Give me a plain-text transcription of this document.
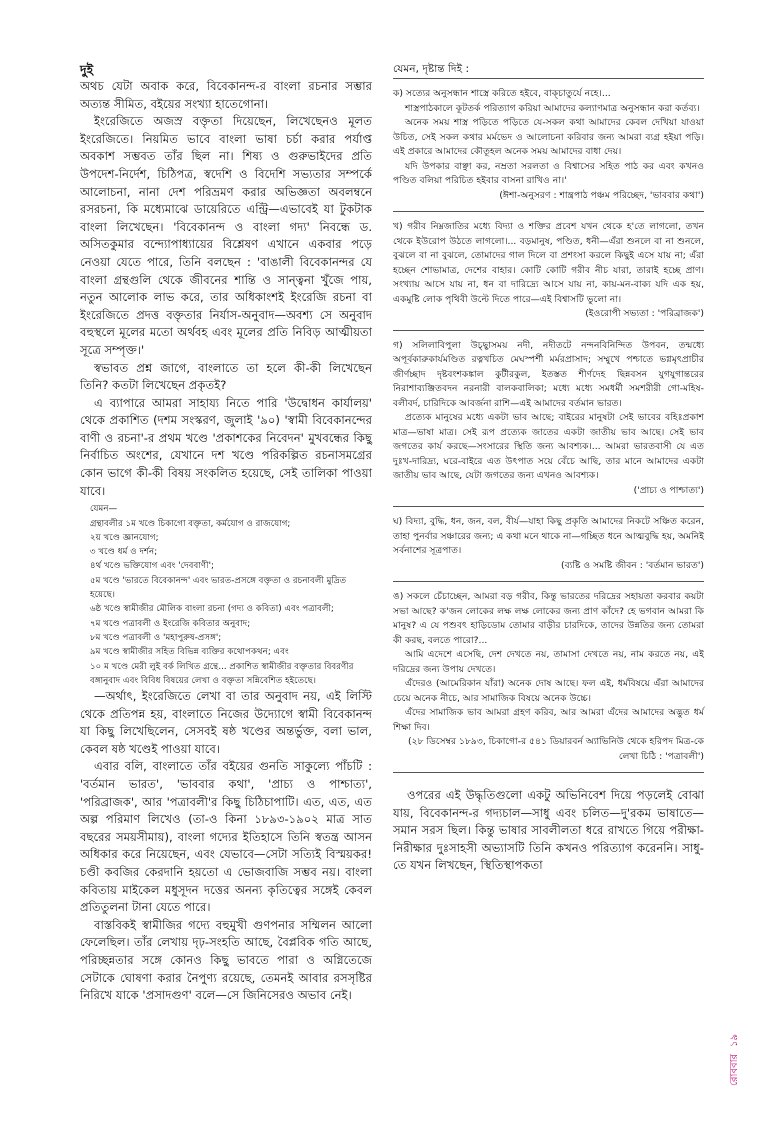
দুই

অথচ যেটা অবাক করে, বিবেকানন্দ-র বাংলা রচনার সম্ভার অত্যন্ত সীমিত, বইয়ের সংখ্যা হাতেগোনা।

ইংরেজিতে অজস্র বক্তৃতা দিয়েছেন, লিখেছেনও মূলত ইংরেজিতে। নিয়মিত ভাবে বাংলা ভাষা চর্চা করার পর্যাপ্ত অবকাশ সম্ভবত তাঁর ছিল না। শিষ্য ও গুরুভাইদের প্রতি উপদেশ-নির্দেশ, চিঠিপত্র, স্বদেশি ও বিদেশি সভ্যতার সম্পর্কে আলোচনা, নানা দেশ পরিভ্রমণ করার অভিজ্ঞতা অবলম্বনে রসরচনা, কি মধ্যেমাঝে ডায়েরিতে এন্ট্রি—এভাবেই যা টুকটাক বাংলা লিখেছেন। 'বিবেকানন্দ ও বাংলা গদ্য' নিবন্ধে ড. অসিতকুমার বন্দ্যোপাধ্যায়ের বিশ্লেষণ এখানে একবার পড়ে নেওয়া যেতে পারে, তিনি বলছেন : 'বাঙালী বিবেকানন্দর যে বাংলা গ্রন্থগুলি থেকে জীবনের শান্তি ও সান্ত্বনা খুঁজে পায়, নতুন আলোক লাভ করে, তার অধিকাংশই ইংরেজি রচনা বা ইংরেজিতে প্রদত্ত বক্তৃতার নির্যাস-অনুবাদ—অবশ্য সে অনুবাদ বহুস্থলে মূলের মতো অর্থবহ এবং মূলের প্রতি নিবিড় আত্মীয়তা সূত্রে সম্পৃক্ত।'

স্বভাবত প্রশ্ন জাগে, বাংলাতে তা হলে কী-কী লিখেছেন তিনি? কতটা লিখেছেন প্রকৃতই?

এ ব্যাপারে আমরা সাহায্য নিতে পারি 'উদ্বোধন কার্যালয়' থেকে প্রকাশিত (দশম সংস্করণ, জুলাই '৯০) 'স্বামী বিবেকানন্দের বাণী ও রচনা'-র প্রথম খণ্ডে 'প্রকাশকের নিবেদন' মুখবন্ধের কিছু নির্বাচিত অংশের, যেখানে দশ খণ্ডে পরিকল্পিত রচনাসমগ্রের কোন ভাগে কী-কী বিষয় সংকলিত হয়েছে, সেই তালিকা পাওয়া যাবে।

যেমন—

গ্রন্থাবলীর ১ম খণ্ডে চিকাগো বক্তৃতা, কর্মযোগ ও রাজযোগ;

২য় খণ্ডে জ্ঞানযোগ;

৩ খণ্ডে ধর্ম ও দর্শন;

৪র্থ খণ্ডে ভক্তিযোগ এবং 'দেববাণী';

৫ম খণ্ডে 'ভারতে বিবেকানন্দ' এবং ভারত-প্রসঙ্গে বক্তৃতা ও রচনাবলী মুদ্রিত হয়েছে।

৬ষ্ঠ খণ্ডে স্বামীজীর মৌলিক বাংলা রচনা (গদ্য ও কবিতা) এবং পত্রাবলী;

৭ম খণ্ডে পত্রাবলী ও ইংরেজি কবিতার অনুবাদ;

৮ম খণ্ডে পত্রাবলী ও 'মহাপুরুষ-প্রসঙ্গ';

৯ম খণ্ডে স্বামীজীর সহিত বিভিন্ন ব্যক্তির কথোপকথন; এবং

১০ ম খণ্ডে মেরী লুই বর্ক লিখিত গ্রন্থে... প্রকাশিত স্বামীজীর বক্তৃতার বিবরণীর বঙ্গানুবাদ এবং বিবিধ বিষয়ের লেখা ও বক্তৃতা সন্নিবেশিত হইতেছে।

—অর্থাৎ, ইংরেজিতে লেখা বা তার অনুবাদ নয়, এই লিস্টি থেকে প্রতিপন্ন হয়, বাংলাতে নিজের উদ্যোগে স্বামী বিবেকানন্দ যা কিছু লিখেছিলেন, সেসবই ষষ্ঠ খণ্ডের অন্তর্ভুক্ত, বলা ভাল, কেবল ষষ্ঠ খণ্ডেই পাওয়া যাবে।

এবার বলি, বাংলাতে তাঁর বইয়ের গুনতি সাকুল্যে পাঁচটি : 'বর্তমান ভারত', 'ভাববার কথা', 'প্রাচ্য ও পাশ্চাত্য', 'পরিব্রাজক', আর 'পত্রাবলী'র কিছু চিঠিচাপাটি। এত, এত, এত অল্প পরিমাণ লিখেও (তা-ও কিনা ১৮৯৩-১৯০২ মাত্র সাত বছরের সময়সীমায়), বাংলা গদ্যের ইতিহাসে তিনি স্বতন্ত্র আসন অধিকার করে নিয়েছেন, এবং যেভাবে—সেটা সত্যিই বিস্ময়কর! চণ্ডী কবজির কেরদানি হয়তো এ ভোজবাজি সম্ভব নয়। বাংলা কবিতায় মাইকেল মধুসূদন দত্তের অনন্য কৃতিত্বের সঙ্গেই কেবল প্রতিতুলনা টানা যেতে পারে।

বাস্তবিকই স্বামীজির গদ্যে বহুমুখী গুণপনার সম্মিলন আলো ফেলেছিল। তাঁর লেখায় দৃঢ়-সংহতি আছে, বৈপ্লবিক গতি আছে, পরিচ্ছন্নতার সঙ্গে কোনও কিছু ভাবতে পারা ও অগ্নিতেজে সেটাকে ঘোষণা করার নৈপুণ্য রয়েছে, তেমনই আবার রসসৃষ্টির নিরিখে যাকে 'প্রসাদগুণ' বলে—সে জিনিসেরও অভাব নেই।

যেমন, দৃষ্টান্ত দিই :

ক) সত্যের অনুসন্ধান শাস্ত্রে করিতে হইবে, বাক্চাতুর্যে নহে।...

শাস্ত্রপাঠকালে কূটতর্ক পরিত্যাগ করিয়া আমাদের কল্যাণমাত্র অনুসন্ধান করা কর্তব্য।

অনেক সময় শাস্ত্র পড়িতে পড়িতে যে-সকল কথা আমাদের কেবল দেখিয়া যাওয়া উচিত, সেই সকল কথার মর্মভেদ ও আলোচনা করিবার জন্য আমরা ব্যগ্র হইয়া পড়ি। এই প্রকারে আমাদের কৌতূহল অনেক সময় আমাদের বাধা দেয়।

যদি উপকার বাঞ্ছা কর, নম্রতা সরলতা ও বিশ্বাসের সহিত পাঠ কর এবং কখনও পণ্ডিত বলিয়া পরিচিত হইবার বাসনা রাখিও না।'

(ঈশা-অনুসরণ : শান্ত্রপাঠ পঞ্চম পরিচ্ছেদ, 'ভাববার কথা')

খ) গরীব নিম্নজাতির মধ্যে বিদ্যা ও শক্তির প্রবেশ যখন থেকে হ'তে লাগলো, তখন থেকে ইউরোপ উঠতে লাগলো।... বড়মানুষ, পণ্ডিত, ধনী—এঁরা শুনলে বা না শুনলে, বুঝলে বা না বুঝলে, তোমাদের গাল দিলে বা প্রশংসা করলে কিছুই এসে যায় না; এঁরা হচ্ছেন শোভামাত্র, দেশের বাহার। কোটি কোটি গরীব নীচ যারা, তারাই হচ্ছে প্রাণ। সংখ্যায় আসে যায় না, ধন বা দারিদ্র্যে আসে যায় না, কায়-মন-বাক্য যদি এক হয়, একমুষ্টি লোক পৃথিবী উল্টে দিতে পারে—এই বিশ্বাসটি ভুলো না।

(ইওরোপী সভ্যতা : 'পরিব্রাজক')

গ) সলিলাবিপুলা উচ্ছ্বাসময় নদী, নদীতটে নন্দনবিনিন্দিত উপবন, তন্মধ্যে অপূর্বকারুকার্যমণ্ডিত রত্নখচিত মেঘস্পর্শী মর্মরপ্রাসাদ; সম্মুখে পশ্চাতে ভগ্নমৃৎপ্রাচীর জীর্ণচ্ছাদ দৃষ্টবংশকঙ্কাল কুটীরকুল, ইতস্তত শীর্ণদেহ ছিন্নবসন যুগযুগান্তরের নিরাশাব্যঞ্জিতবদন নরনারী বালকবালিকা; মধ্যে মধ্যে সমধর্মী সমশরীরী গো-মহিষ-বলীবর্দ, চারিদিকে আবর্জনা রাশি—এই আমাদের বর্তমান ভারত।

প্রত্যেক মানুষের মধ্যে একটা ভাব আছে; বাইরের মানুষটা সেই ভাবের বহিঃপ্রকাশ মাত্র—ভাষা মাত্র। সেই রূপ প্রত্যেক জাতের একটা জাতীয় ভাব আছে। সেই ভাব জগতের কার্য করছে—সংসারের স্থিতি জন্য আবশ্যক।... আমরা ভারতবাসী যে এত দুঃখ-দারিদ্র্য, ঘরে-বাইরে এত উৎপাত সয়ে বেঁচে আছি, তার মানে আমাদের একটা জাতীয় ভাব আছে, যেটা জগতের জন্য এখনও আবশ্যক।

('প্রাচ্য ও পাশ্চাত্য')

ঘ) বিদ্যা, বুদ্ধি, ধন, জন, বল, বীর্য—যাহা কিছু প্রকৃতি আমাদের নিকটে সঞ্চিত করেন, তাহা পুনর্বার সঞ্চারের জন্য; এ কথা মনে থাকে না—গচ্ছিত ধনে আত্মবুদ্ধি হয়, অমনিই সর্বনাশের সূত্রপাত।

(ব্যষ্টি ও সমষ্টি জীবন : 'বর্তমান ভারত')

ঙ) সকলে চেঁচাচ্ছেন, আমরা বড় গরীব, কিন্তু ভারতের দরিদ্রের সহায়তা করবার কয়টা সভা আছে? ক'জন লোকের লক্ষ লক্ষ লোকের জন্য প্রাণ কাঁদে? হে ভগবান আমরা কি মানুষ? এ যে পশুবৎ হাড়িডোম তোমার বাড়ীর চারদিকে, তাদের উন্নতির জন্য তোমরা কী করছ, বলতে পারো?...

আমি এদেশে এসেছি, দেশ দেখতে নয়, তামাসা দেখতে নয়, নাম করতে নয়, এই দরিদ্রের জন্য উপায় দেখতে।

এঁদেরও (আমেরিকান যাঁরা) অনেক দোষ আছে। ফল এই, ধর্মবিষয়ে এঁরা আমাদের চেয়ে অনেক নীচে, আর সামাজিক বিষয়ে অনেক উচ্চে।

এঁদের সামাজিক ভাব আমরা গ্রহণ করিব, আর আমরা এঁদের আমাদের অদ্ভুত ধর্ম শিক্ষা দিব।

(২৮ ডিসেম্বর ১৮৯৩, চিকাগো-র ৫৪১ ডিয়ারবর্ন অ্যাভিনিউ থেকে হরিপদ মিত্র-কে লেখা চিঠি : 'পত্রাবলী')

ওপরের এই উদ্ধৃতিগুলো একটু অভিনিবেশ দিয়ে পড়লেই বোঝা যায়, বিবেকানন্দ-র গদ্যচাল—সাধু এবং চলিত—দু'রকম ভাষাতে—সমান সরস ছিল। কিন্তু ভাষার সাবলীলতা ধরে রাখতে গিয়ে পরীক্ষা-নিরীক্ষার দুঃসাহসী অভ্যাসটি তিনি কখনও পরিত্যাগ করেননি। সাধু-তে যখন লিখছেন, স্থিতিস্থাপকতা

রোববার ১৯
